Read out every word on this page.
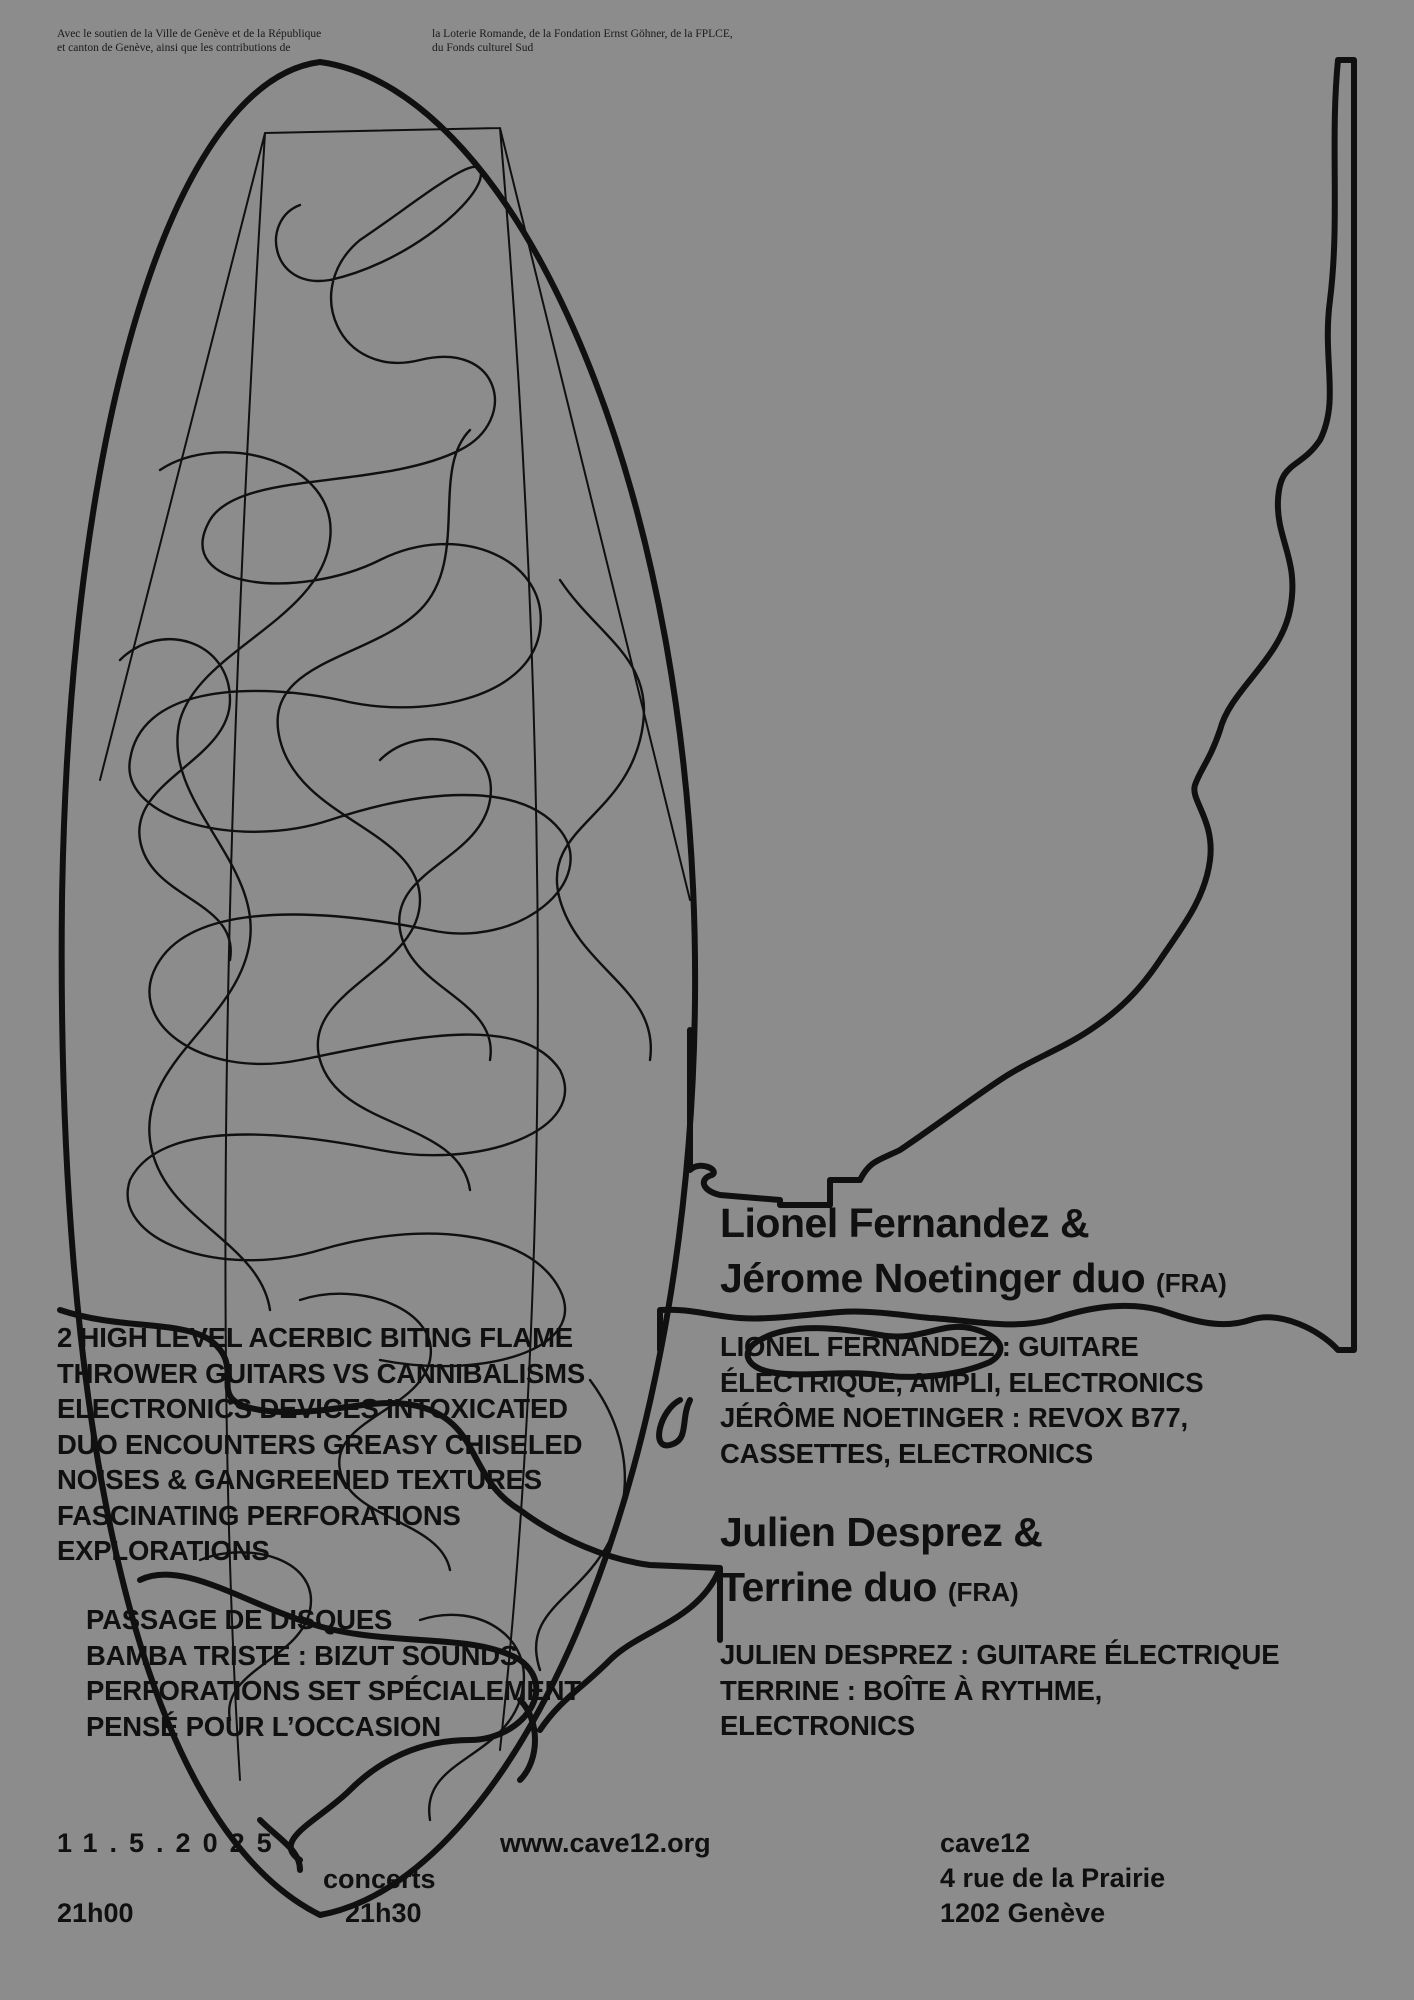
Avec le soutien de la Ville de Genève et de la République
et canton de Genève, ainsi que les contributions de
la Loterie Romande, de la Fondation Ernst Göhner, de la FPLCE,
du Fonds culturel Sud
Lionel Fernandez &
Jérome Noetinger duo (FRA)
LIONEL FERNANDEZ : GUITARE
ÉLECTRIQUE, AMPLI, ELECTRONICS
JÉRÔME NOETINGER : REVOX B77,
CASSETTES, ELECTRONICS
Julien Desprez &
Terrine duo (FRA)
JULIEN DESPREZ : GUITARE ÉLECTRIQUE
TERRINE : BOÎTE À RYTHME,
ELECTRONICS
2 HIGH LEVEL ACERBIC BITING FLAME
THROWER GUITARS VS CANNIBALISMS
ELECTRONICS DEVICES INTOXICATED
DUO ENCOUNTERS GREASY CHISELED
NOISES & GANGREENED TEXTURES
FASCINATING PERFORATIONS
EXPLORATIONS
PASSAGE DE DISQUES
BAMBA TRISTE : BIZUT SOUNDS
PERFORATIONS SET SPÉCIALEMENT
PENSÉ POUR L’OCCASION
11.5.2025	www.cave12.org
concerts
21h00	21h30
cave12
4 rue de la Prairie
1202 Genève
